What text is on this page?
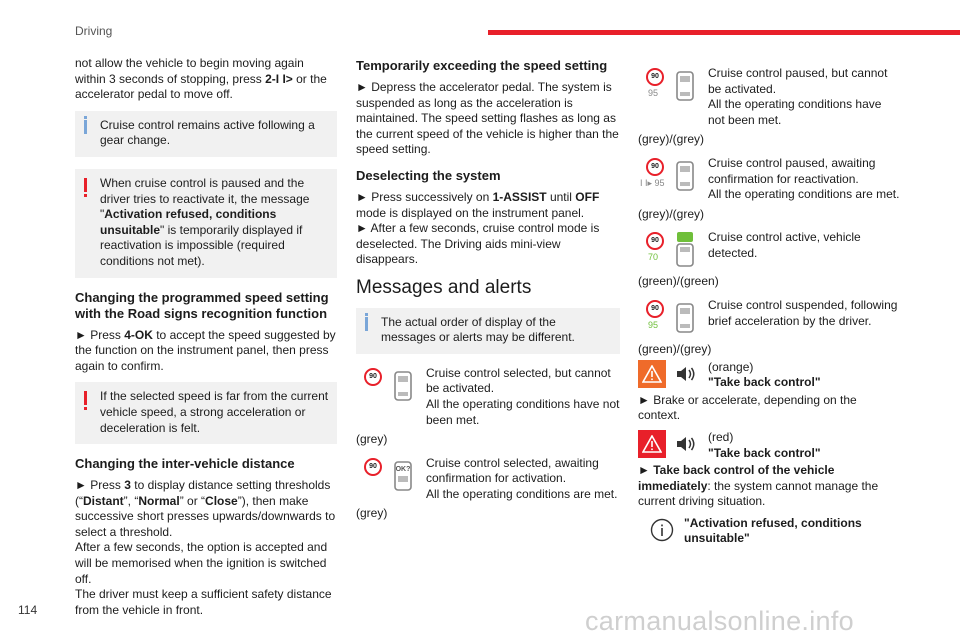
Driving

not allow the vehicle to begin moving again within 3 seconds of stopping, press 2-I I> or the accelerator pedal to move off.

Cruise control remains active following a gear change.
When cruise control is paused and the driver tries to reactivate it, the message "Activation refused, conditions unsuitable" is temporarily displayed if reactivation is impossible (required conditions not met).
Changing the programmed speed setting with the Road signs recognition function

► Press 4-OK to accept the speed suggested by the function on the instrument panel, then press again to confirm.

If the selected speed is far from the current vehicle speed, a strong acceleration or deceleration is felt.
Changing the inter-vehicle distance

► Press 3 to display distance setting thresholds (“Distant”, “Normal” or “Close”), then make successive short presses upwards/downwards to select a threshold.
After a few seconds, the option is accepted and will be memorised when the ignition is switched off.
The driver must keep a sufficient safety distance from the vehicle in front.

Temporarily exceeding the speed setting

► Depress the accelerator pedal. The system is suspended as long as the acceleration is maintained. The speed setting flashes as long as the current speed of the vehicle is higher than the speed setting.

Deselecting the system

► Press successively on 1-ASSIST until OFF mode is displayed on the instrument panel.
► After a few seconds, cruise control mode is deselected. The Driving aids mini-view disappears.

Messages and alerts
The actual order of display of the messages or alerts may be different.
90	Cruise control selected, but cannot be activated.
All the operating conditions have not been met.
(grey)
90	OK?	Cruise control selected, awaiting confirmation for activation.
All the operating conditions are met.
(grey)
90
95
Cruise control paused, but cannot be activated.
All the operating conditions have not been met.
(grey)/(grey)
90
I I▸ 95
Cruise control paused, awaiting confirmation for reactivation.
All the operating conditions are met.
(grey)/(grey)
90
70
Cruise control active, vehicle detected.
(green)/(green)
90
95
Cruise control suspended, following brief acceleration by the driver.
(green)/(grey)
(orange)
"Take back control"

► Brake or accelerate, depending on the context.

(red)
"Take back control"

► Take back control of the vehicle immediately: the system cannot manage the current driving situation.

"Activation refused, conditions unsuitable"
114	carmanualsonline.info
